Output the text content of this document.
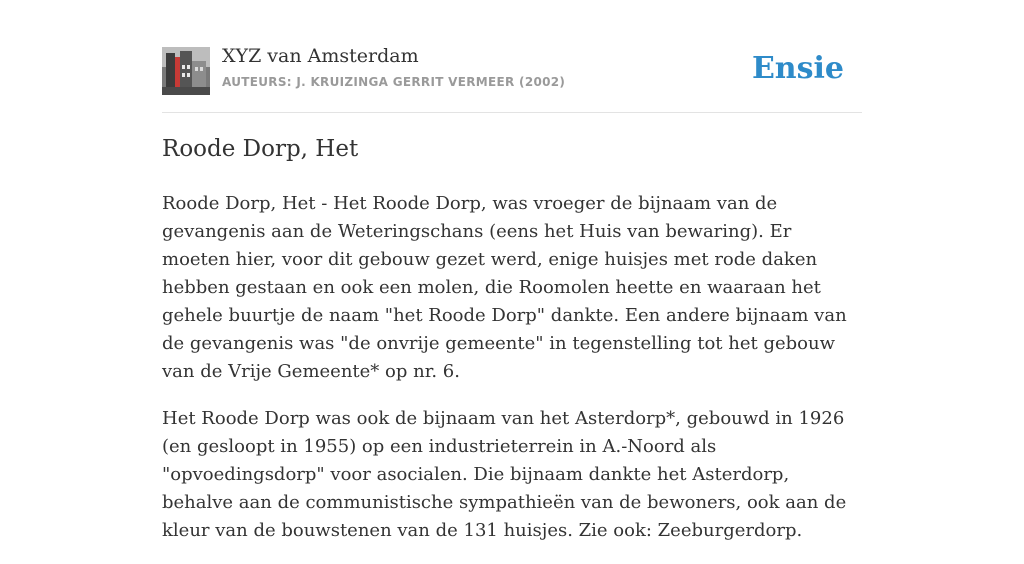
XYZ van Amsterdam
AUTEURS: J. KRUIZINGA GERRIT VERMEER (2002)	Ensie
Roode Dorp, Het

Roode Dorp, Het - Het Roode Dorp, was vroeger de bijnaam van de gevangenis aan de Weteringschans (eens het Huis van bewaring). Er moeten hier, voor dit gebouw gezet werd, enige huisjes met rode daken hebben gestaan en ook een molen, die Roomolen heette en waaraan het gehele buurtje de naam "het Roode Dorp" dankte. Een andere bijnaam van de gevangenis was "de onvrije gemeente" in tegenstelling tot het gebouw van de Vrije Gemeente* op nr. 6.

Het Roode Dorp was ook de bijnaam van het Asterdorp*, gebouwd in 1926 (en gesloopt in 1955) op een industrieterrein in A.-Noord als "opvoedingsdorp" voor asocialen. Die bijnaam dankte het Asterdorp, behalve aan de communistische sympathieën van de bewoners, ook aan de kleur van de bouwstenen van de 131 huisjes. Zie ook: Zeeburgerdorp.
